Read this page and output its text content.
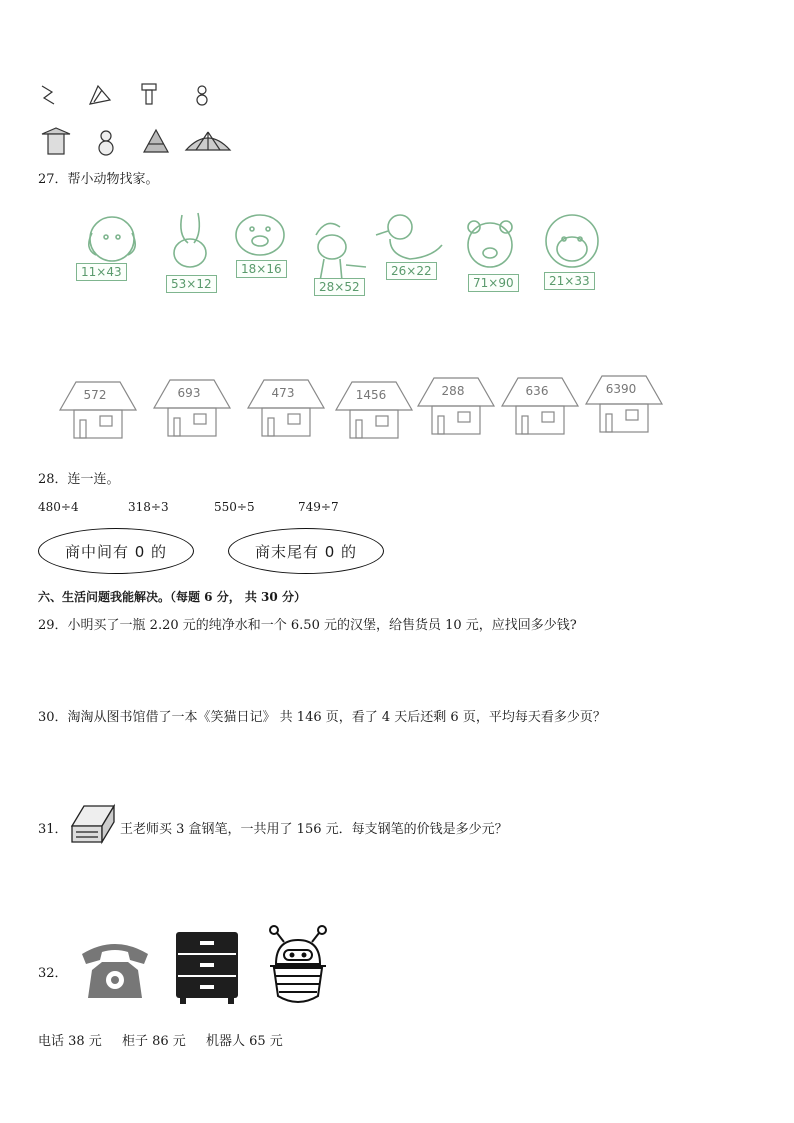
27．帮小动物找家。
11×43
53×12
18×16
28×52
26×22
71×90	21×33
572	693	473	1456	288	636	6390
28．连一连。
480÷4	318÷3	550÷5	749÷7
商中间有 0 的	商末尾有 0 的
六、生活问题我能解决。（每题 6 分， 共 30 分）
29．小明买了一瓶 2.20 元的纯净水和一个 6.50 元的汉堡，给售货员 10 元，应找回多少钱?
30．淘淘从图书馆借了一本《笑猫日记》 共 146 页，看了 4 天后还剩 6 页，平均每天看多少页？
31．	王老师买 3 盒钢笔，一共用了 156 元．每支钢笔的价钱是多少元？
32．
电话 38 元 柜子 86 元 机器人 65 元
